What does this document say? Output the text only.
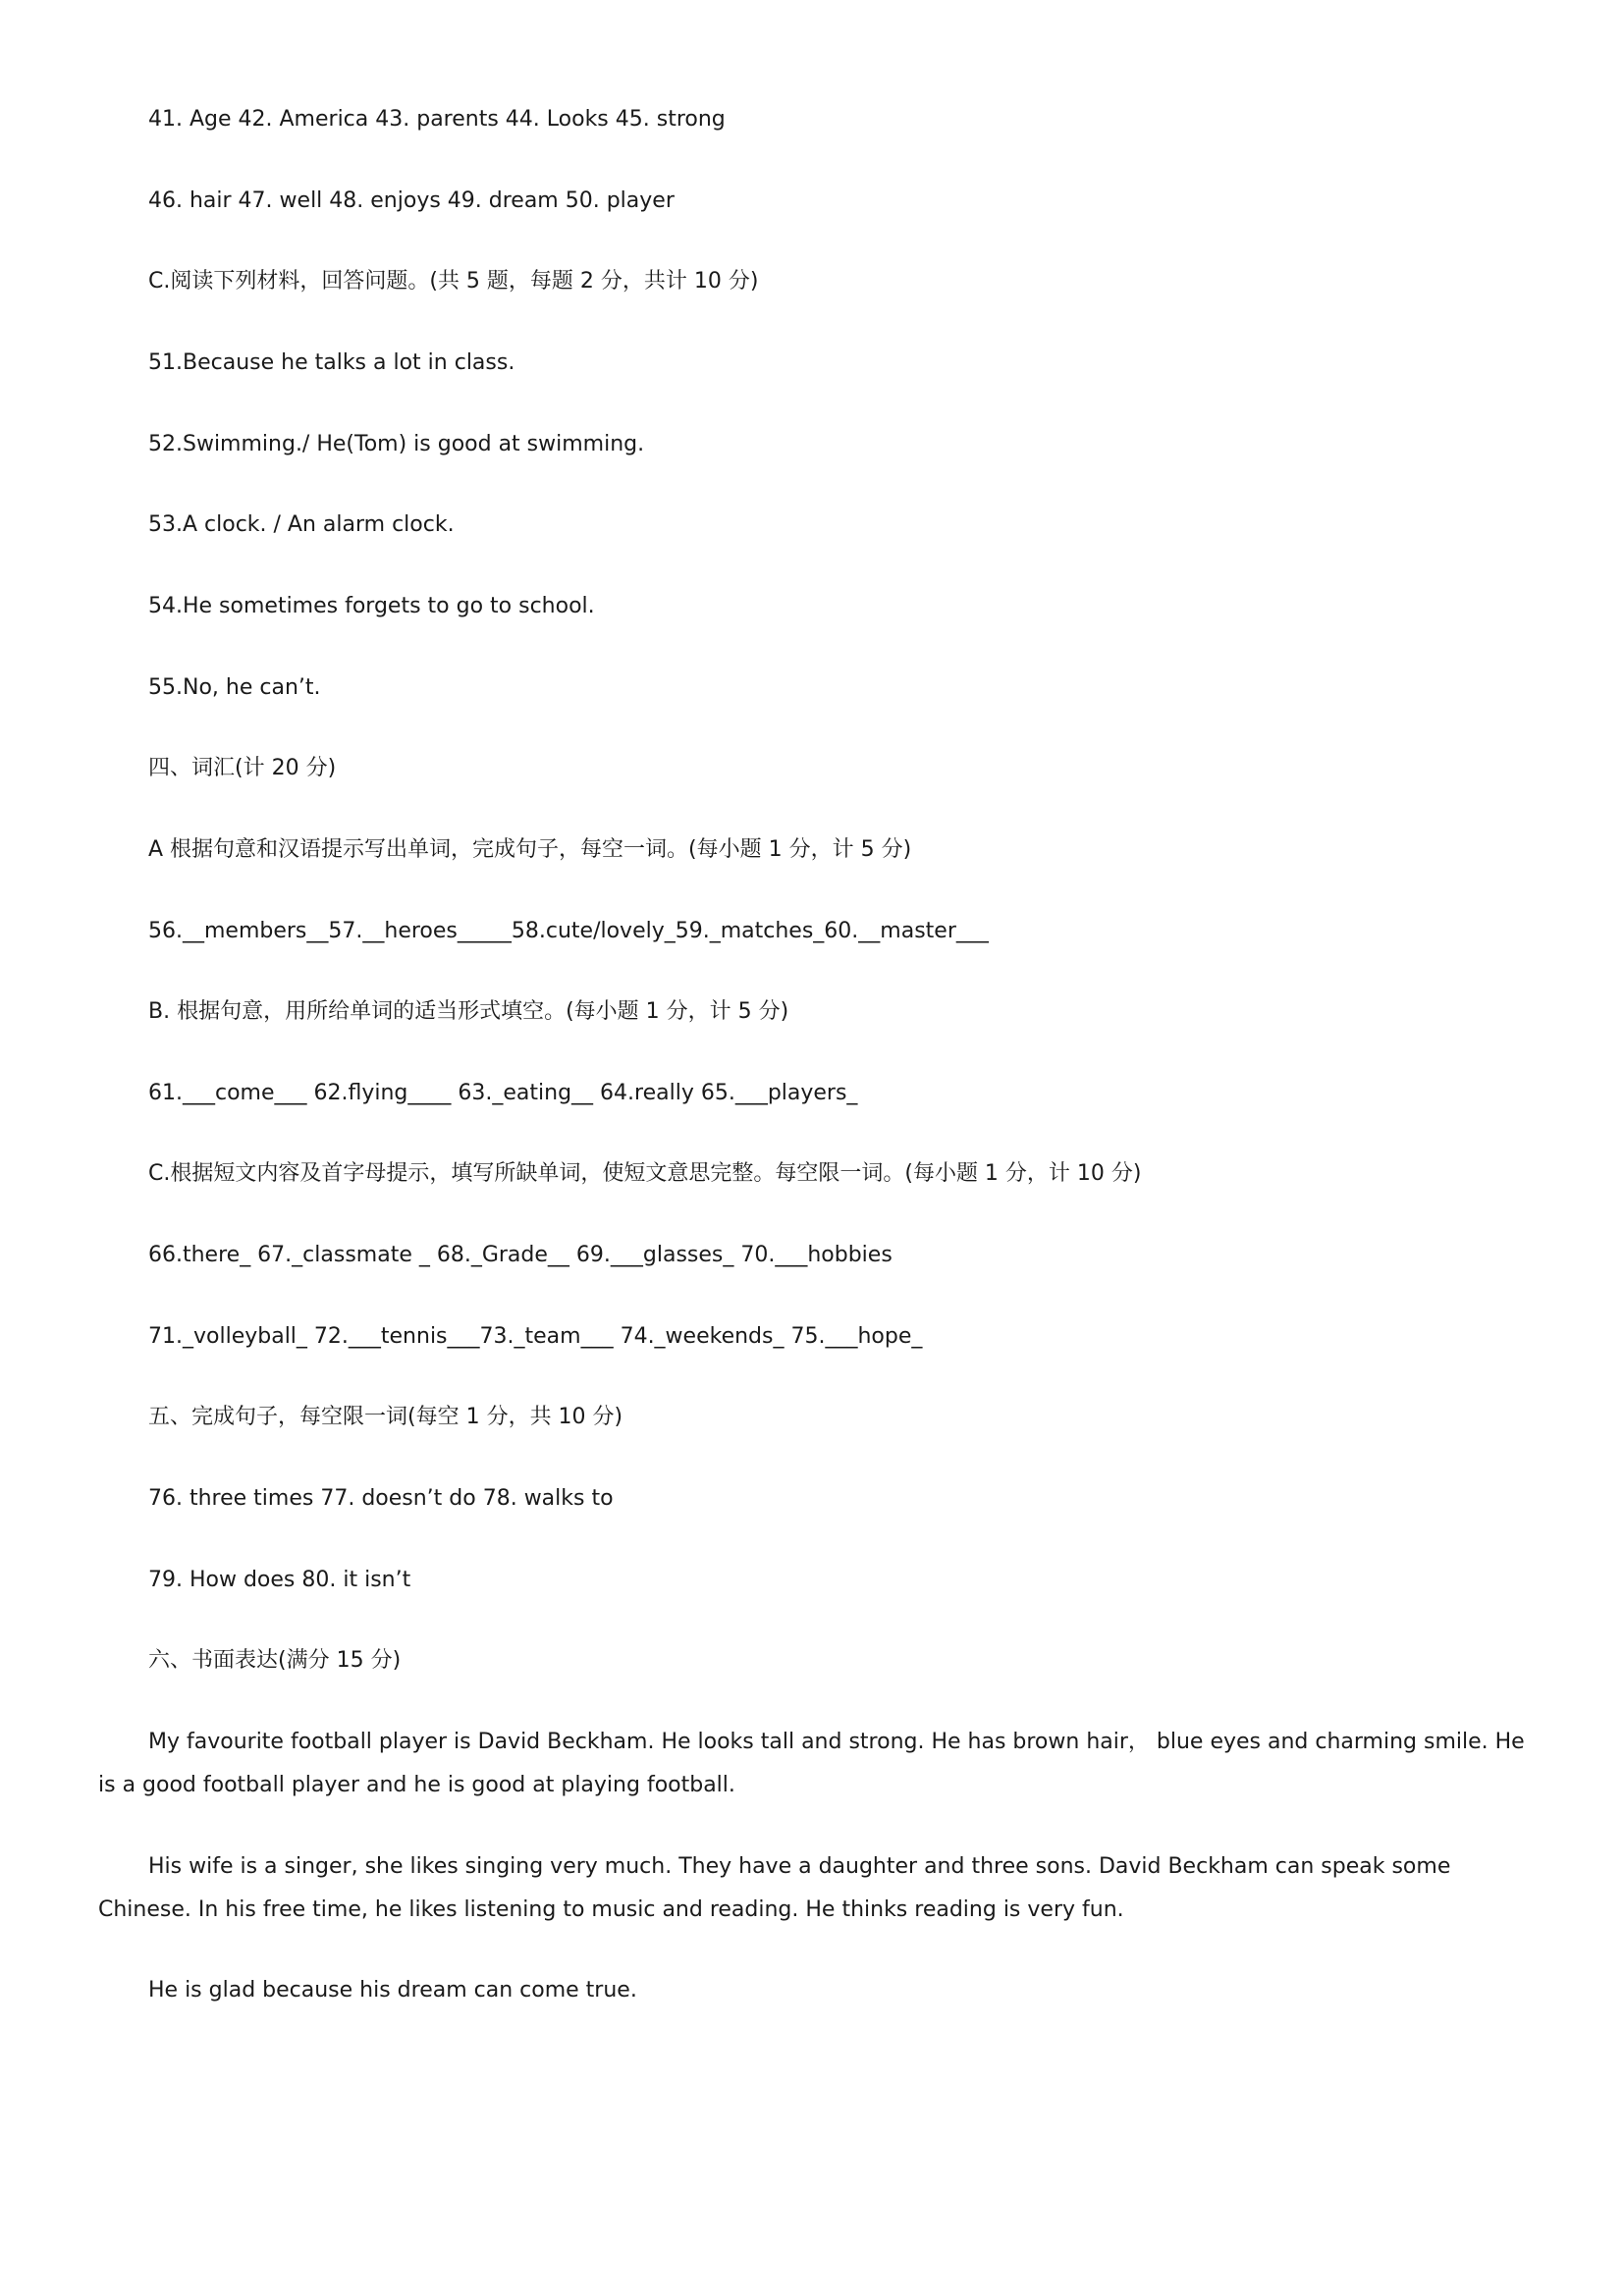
41. Age 42. America 43. parents 44. Looks 45. strong
46. hair 47. well 48. enjoys 49. dream 50. player
C.阅读下列材料，回答问题。(共 5 题，每题 2 分，共计 10 分)
51.Because he talks a lot in class.
52.Swimming./ He(Tom) is good at swimming.
53.A clock. / An alarm clock.
54.He sometimes forgets to go to school.
55.No, he can’t.
四、词汇(计 20 分)
A 根据句意和汉语提示写出单词，完成句子，每空一词。(每小题 1 分，计 5 分)
56.__members__57.__heroes_____58.cute/lovely_59._matches_60.__master___
B. 根据句意，用所给单词的适当形式填空。(每小题 1 分，计 5 分)
61.___come___ 62.flying____ 63._eating__ 64.really 65.___players_
C.根据短文内容及首字母提示，填写所缺单词，使短文意思完整。每空限一词。(每小题 1 分，计 10 分)
66.there_ 67._classmate _ 68._Grade__ 69.___glasses_ 70.___hobbies
71._volleyball_ 72.___tennis___73._team___ 74._weekends_ 75.___hope_
五、完成句子，每空限一词(每空 1 分，共 10 分)
76. three times 77. doesn’t do 78. walks to
79. How does 80. it isn’t
六、书面表达(满分 15 分)
My favourite football player is David Beckham. He looks tall and strong. He has brown hair， blue eyes and charming smile. He is a good football player and he is good at playing football.
His wife is a singer, she likes singing very much. They have a daughter and three sons. David Beckham can speak some Chinese. In his free time, he likes listening to music and reading. He thinks reading is very fun.
He is glad because his dream can come true.
